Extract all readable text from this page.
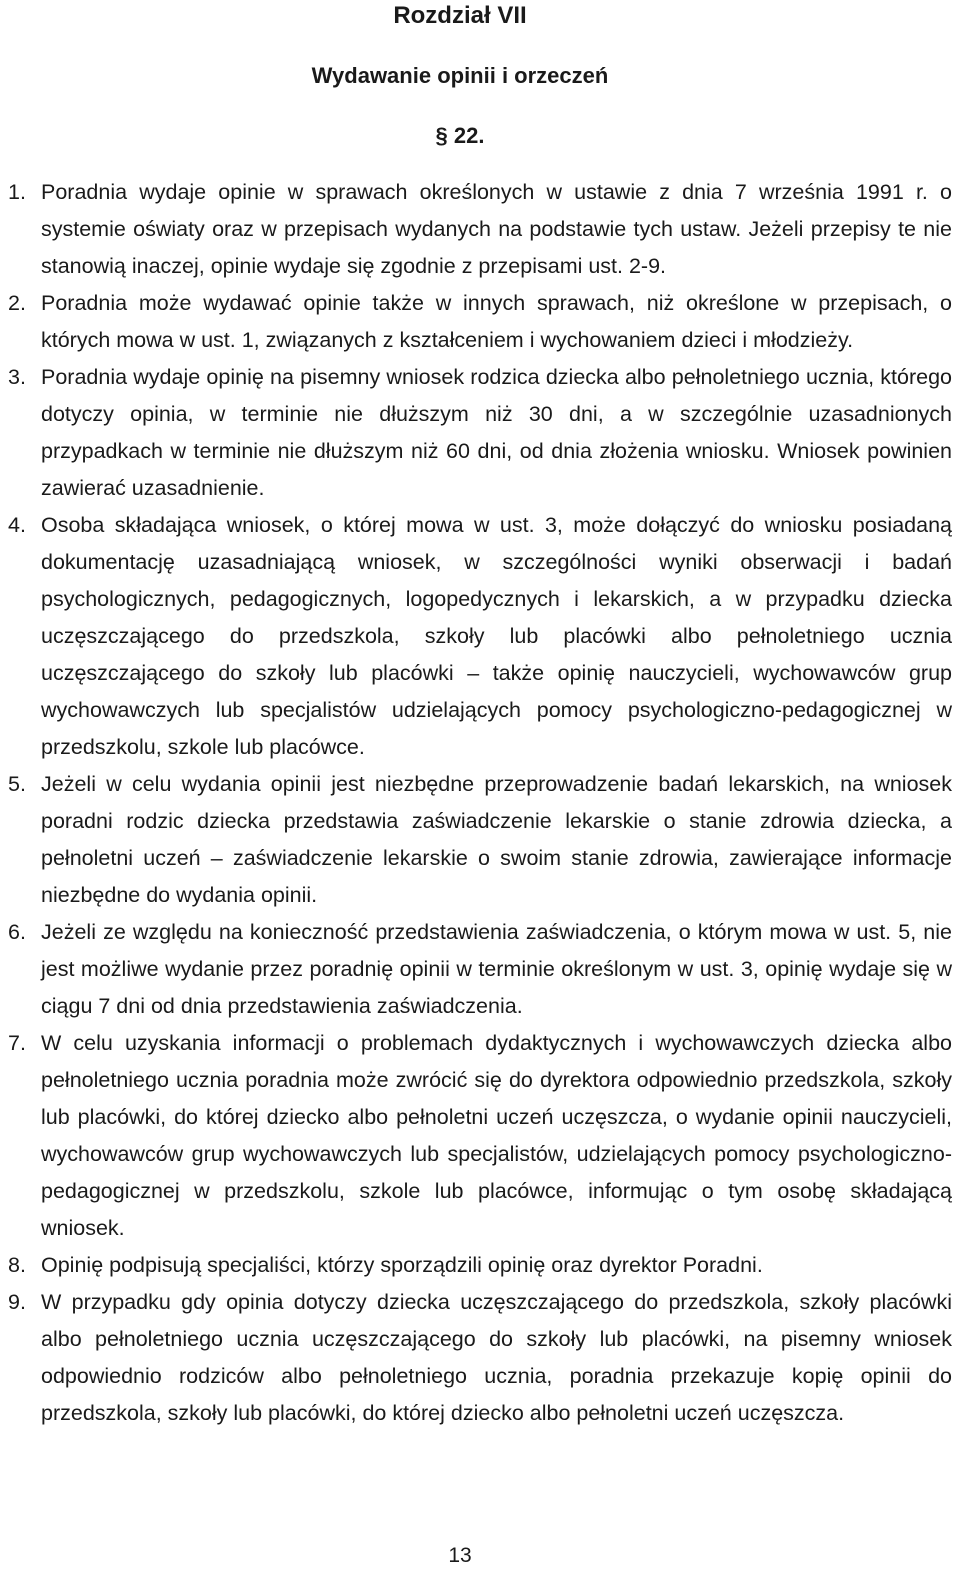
Rozdział VII
Wydawanie opinii i orzeczeń
§ 22.
1. Poradnia wydaje opinie w sprawach określonych w ustawie z dnia 7 września 1991 r. o systemie oświaty oraz w przepisach wydanych na podstawie tych ustaw. Jeżeli przepisy te nie stanowią inaczej, opinie wydaje się zgodnie z przepisami ust. 2-9.
2. Poradnia może wydawać opinie także w innych sprawach, niż określone w przepisach, o których mowa w ust. 1, związanych z kształceniem i wychowaniem dzieci i młodzieży.
3. Poradnia wydaje opinię na pisemny wniosek rodzica dziecka albo pełnoletniego ucznia, którego dotyczy opinia, w terminie nie dłuższym niż 30 dni, a w szczególnie uzasadnionych przypadkach w terminie nie dłuższym niż 60 dni, od dnia złożenia wniosku. Wniosek powinien zawierać uzasadnienie.
4. Osoba składająca wniosek, o której mowa w ust. 3, może dołączyć do wniosku posiadaną dokumentację uzasadniającą wniosek, w szczególności wyniki obserwacji i badań psychologicznych, pedagogicznych, logopedycznych i lekarskich, a w przypadku dziecka uczęszczającego do przedszkola, szkoły lub placówki albo pełnoletniego ucznia uczęszczającego do szkoły lub placówki – także opinię nauczycieli, wychowawców grup wychowawczych lub specjalistów udzielających pomocy psychologiczno-pedagogicznej w przedszkolu, szkole lub placówce.
5. Jeżeli w celu wydania opinii jest niezbędne przeprowadzenie badań lekarskich, na wniosek poradni rodzic dziecka przedstawia zaświadczenie lekarskie o stanie zdrowia dziecka, a pełnoletni uczeń – zaświadczenie lekarskie o swoim stanie zdrowia, zawierające informacje niezbędne do wydania opinii.
6. Jeżeli ze względu na konieczność przedstawienia zaświadczenia, o którym mowa w ust. 5, nie jest możliwe wydanie przez poradnię opinii w terminie określonym w ust. 3, opinię wydaje się w ciągu 7 dni od dnia przedstawienia zaświadczenia.
7. W celu uzyskania informacji o problemach dydaktycznych i wychowawczych dziecka albo pełnoletniego ucznia poradnia może zwrócić się do dyrektora odpowiednio przedszkola, szkoły lub placówki, do której dziecko albo pełnoletni uczeń uczęszcza, o wydanie opinii nauczycieli, wychowawców grup wychowawczych lub specjalistów, udzielających pomocy psychologiczno-pedagogicznej w przedszkolu, szkole lub placówce, informując o tym osobę składającą wniosek.
8. Opinię podpisują specjaliści, którzy sporządzili opinię oraz dyrektor Poradni.
9. W przypadku gdy opinia dotyczy dziecka uczęszczającego do przedszkola, szkoły placówki albo pełnoletniego ucznia uczęszczającego do szkoły lub placówki, na pisemny wniosek odpowiednio rodziców albo pełnoletniego ucznia, poradnia przekazuje kopię opinii do przedszkola, szkoły lub placówki, do której dziecko albo pełnoletni uczeń uczęszcza.
13
